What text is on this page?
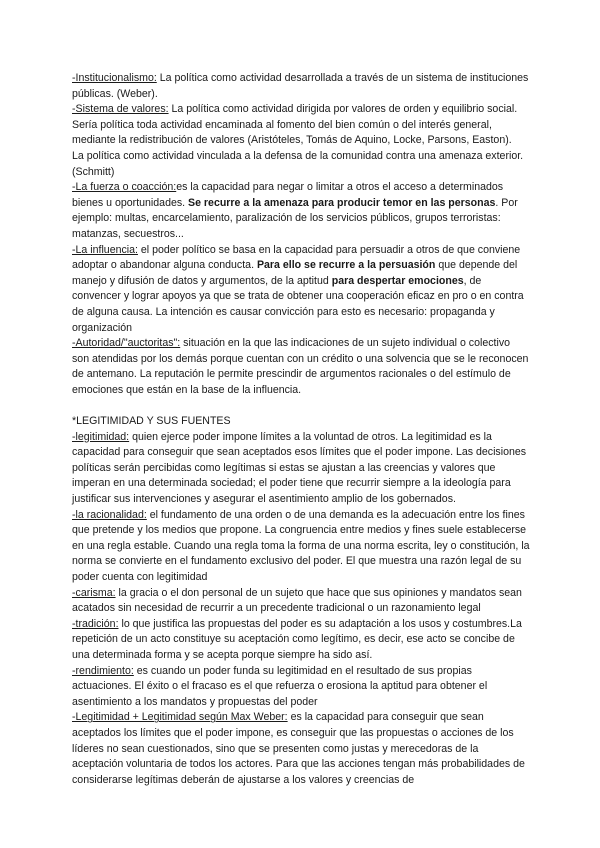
-Institucionalismo: La política como actividad desarrollada a través de un sistema de instituciones públicas. (Weber).

-Sistema de valores: La política como actividad dirigida por valores de orden y equilibrio social. Sería política toda actividad encaminada al fomento del bien común o del interés general, mediante la redistribución de valores (Aristóteles, Tomás de Aquino, Locke, Parsons, Easton).

La política como actividad vinculada a la defensa de la comunidad contra una amenaza exterior. (Schmitt)

-La fuerza o coacción:es la capacidad para negar o limitar a otros el acceso a determinados bienes u oportunidades. Se recurre a la amenaza para producir temor en las personas. Por ejemplo: multas, encarcelamiento, paralización de los servicios públicos, grupos terroristas: matanzas, secuestros...

-La influencia: el poder político se basa en la capacidad para persuadir a otros de que conviene adoptar o abandonar alguna conducta. Para ello se recurre a la persuasión que depende del manejo y difusión de datos y argumentos, de la aptitud para despertar emociones, de convencer y lograr apoyos ya que se trata de obtener una cooperación eficaz en pro o en contra de alguna causa. La intención es causar convicción para esto es necesario: propaganda y organización

-Autoridad/"auctoritas": situación en la que las indicaciones de un sujeto individual o colectivo son atendidas por los demás porque cuentan con un crédito o una solvencia que se le reconocen de antemano. La reputación le permite prescindir de argumentos racionales o del estímulo de emociones que están en la base de la influencia.

*LEGITIMIDAD Y SUS FUENTES

-legitimidad: quien ejerce poder impone límites a la voluntad de otros. La legitimidad es la capacidad para conseguir que sean aceptados esos límites que el poder impone. Las decisiones políticas serán percibidas como legítimas si estas se ajustan a las creencias y valores que imperan en una determinada sociedad; el poder tiene que recurrir siempre a la ideología para justificar sus intervenciones y asegurar el asentimiento amplio de los gobernados.

-la racionalidad: el fundamento de una orden o de una demanda es la adecuación entre los fines que pretende y los medios que propone. La congruencia entre medios y fines suele establecerse en una regla estable. Cuando una regla toma la forma de una norma escrita, ley o constitución, la norma se convierte en el fundamento exclusivo del poder. El que muestra una razón legal de su poder cuenta con legitimidad

-carisma: la gracia o el don personal de un sujeto que hace que sus opiniones y mandatos sean acatados sin necesidad de recurrir a un precedente tradicional o un razonamiento legal

-tradición: lo que justifica las propuestas del poder es su adaptación a los usos y costumbres.La repetición de un acto constituye su aceptación como legítimo, es decir, ese acto se concibe de una determinada forma y se acepta porque siempre ha sido así.

-rendimiento: es cuando un poder funda su legitimidad en el resultado de sus propias actuaciones. El éxito o el fracaso es el que refuerza o erosiona la aptitud para obtener el asentimiento a los mandatos y propuestas del poder

-Legitimidad + Legitimidad según Max Weber: es la capacidad para conseguir que sean aceptados los límites que el poder impone, es conseguir que las propuestas o acciones de los líderes no sean cuestionados, sino que se presenten como justas y merecedoras de la aceptación voluntaria de todos los actores. Para que las acciones tengan más probabilidades de considerarse legítimas deberán de ajustarse a los valores y creencias de
